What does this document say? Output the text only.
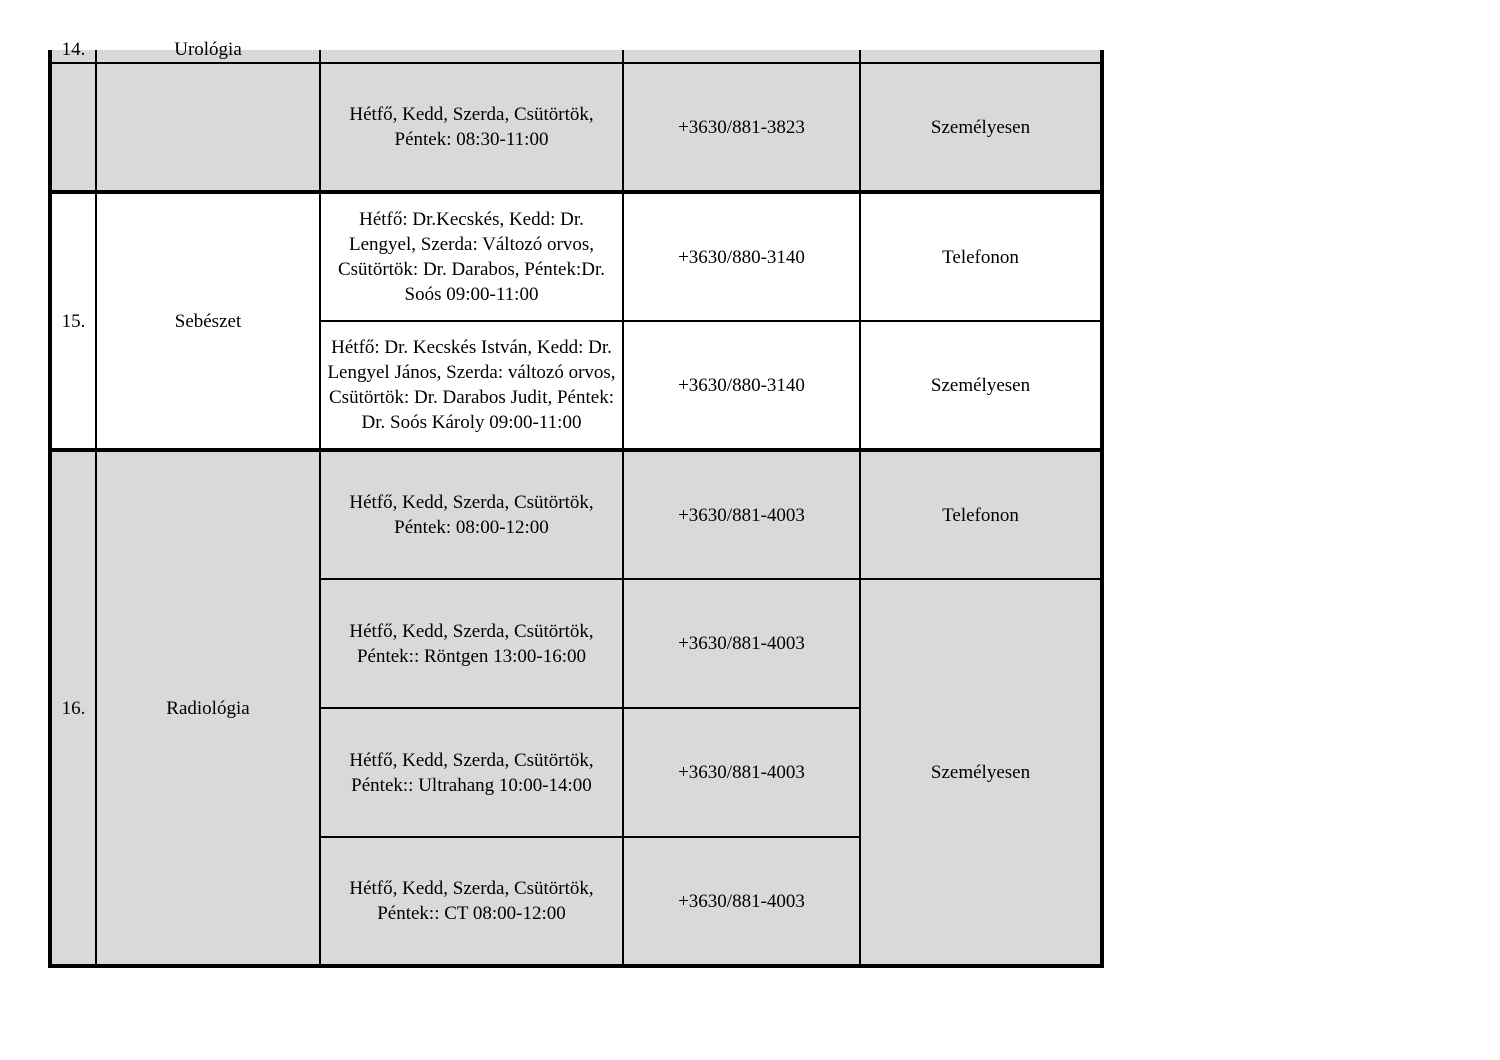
14.	Urológia			
		Hétfő, Kedd, Szerda, Csütörtök, Péntek: 08:30-11:00	+3630/881-3823	Személyesen
15.	Sebészet	Hétfő: Dr.Kecskés, Kedd: Dr. Lengyel, Szerda: Változó orvos, Csütörtök: Dr. Darabos, Péntek:Dr. Soós 09:00-11:00	+3630/880-3140	Telefonon
		Hétfő: Dr. Kecskés István, Kedd: Dr. Lengyel János, Szerda: változó orvos, Csütörtök: Dr. Darabos Judit, Péntek: Dr. Soós Károly 09:00-11:00	+3630/880-3140	Személyesen
16.	Radiológia	Hétfő, Kedd, Szerda, Csütörtök, Péntek: 08:00-12:00	+3630/881-4003	Telefonon
		Hétfő, Kedd, Szerda, Csütörtök, Péntek:: Röntgen 13:00-16:00	+3630/881-4003	Személyesen
		Hétfő, Kedd, Szerda, Csütörtök, Péntek:: Ultrahang 10:00-14:00	+3630/881-4003	
		Hétfő, Kedd, Szerda, Csütörtök, Péntek:: CT 08:00-12:00	+3630/881-4003	
